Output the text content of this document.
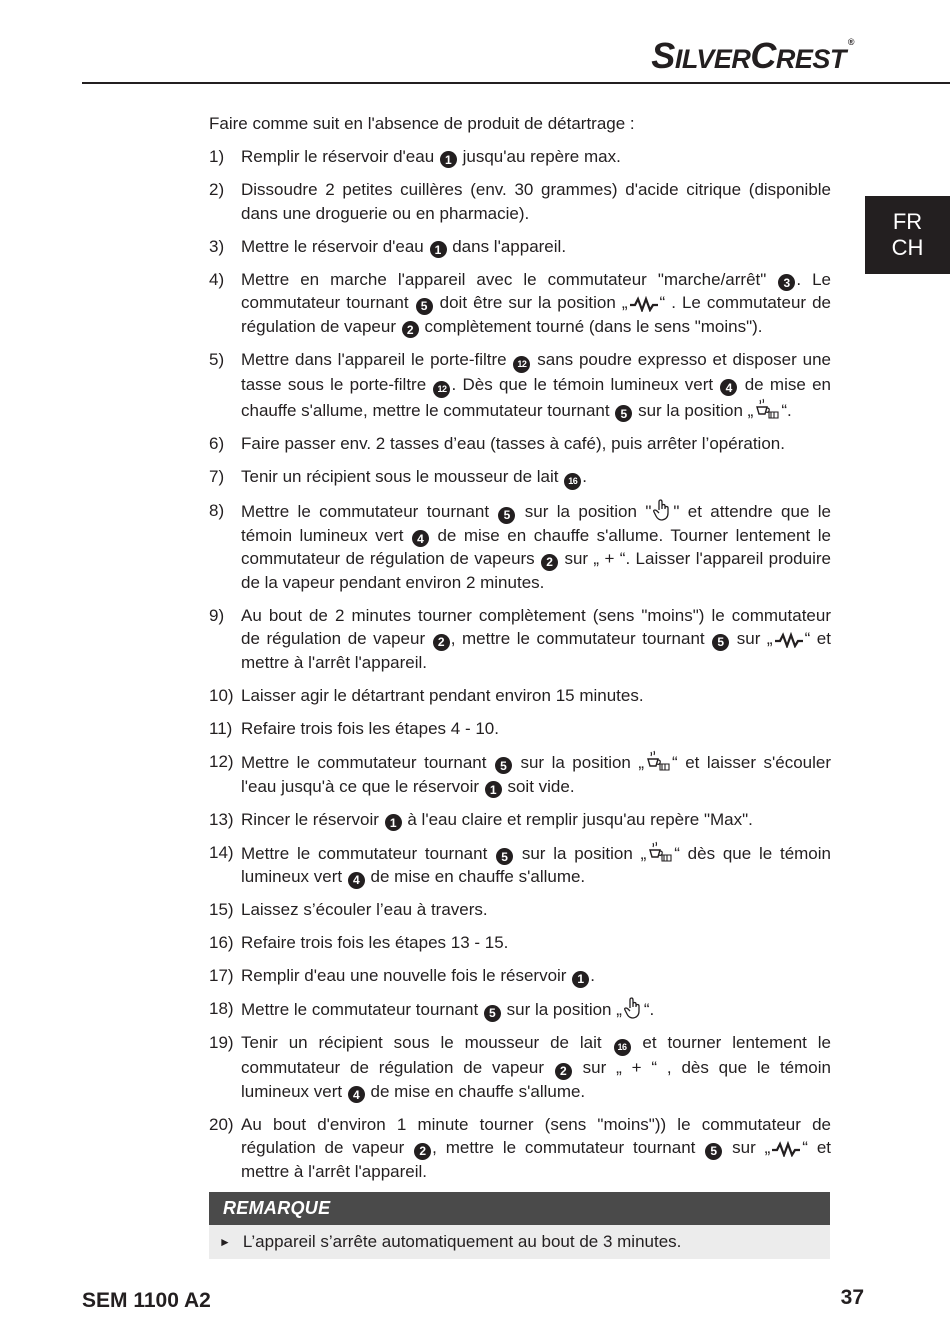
SILVERCREST®
FR
CH

Faire comme suit en l'absence de produit de détartrage :

1) Remplir le réservoir d'eau 1 jusqu'au repère max.
2) Dissoudre 2 petites cuillères (env. 30 grammes) d'acide citrique (disponible dans une droguerie ou en pharmacie).
3) Mettre le réservoir d'eau 1 dans l'appareil.
4) Mettre en marche l'appareil avec le commutateur "marche/arrêt" 3 . Le commutateur tournant 5 doit être sur la position „ “ . Le commutateur de régulation de vapeur 2 complètement tourné (dans le sens "moins").
5) Mettre dans l'appareil le porte-filtre 12 sans poudre expresso et disposer une tasse sous le porte-filtre 12 . Dès que le témoin lumineux vert 4 de mise en chauffe s'allume, mettre le commutateur tournant 5 sur la position „ “.
6) Faire passer env. 2 tasses d’eau (tasses à café), puis arrêter l’opération.
7) Tenir un récipient sous le mousseur de lait 16 .
8) Mettre le commutateur tournant 5 sur la position " " et attendre que le témoin lumineux vert 4 de mise en chauffe s'allume. Tourner lentement le commutateur de régulation de vapeurs 2 sur „ + “. Laisser l'appareil produire de la vapeur pendant environ 2 minutes.
9) Au bout de 2 minutes tourner complètement (sens "moins") le commutateur de régulation de vapeur 2 , mettre le commutateur tournant 5 sur „ “ et mettre à l'arrêt l'appareil.
10) Laisser agir le détartrant pendant environ 15 minutes.
11) Refaire trois fois les étapes 4 - 10.
12) Mettre le commutateur tournant 5 sur la position „ “ et laisser s'écouler l'eau jusqu'à ce que le réservoir 1 soit vide.
13) Rincer le réservoir 1 à l'eau claire et remplir jusqu'au repère "Max".
14) Mettre le commutateur tournant 5 sur la position „ “ dès que le témoin lumineux vert 4 de mise en chauffe s'allume.
15) Laissez s’écouler l’eau à travers.
16) Refaire trois fois les étapes 13 - 15.
17) Remplir d'eau une nouvelle fois le réservoir 1 .
18) Mettre le commutateur tournant 5 sur la position „ “.
19) Tenir un récipient sous le mousseur de lait 16 et tourner lentement le commutateur de régulation de vapeur 2 sur „ + “ , dès que le témoin lumineux vert 4 de mise en chauffe s'allume.
20) Au bout d'environ 1 minute tourner (sens "moins")) le commutateur de régulation de vapeur 2 , mettre le commutateur tournant 5 sur „ “ et mettre à l'arrêt l'appareil.
REMARQUE
► L’appareil s’arrête automatiquement au bout de 3 minutes.
SEM 1100 A2	37
